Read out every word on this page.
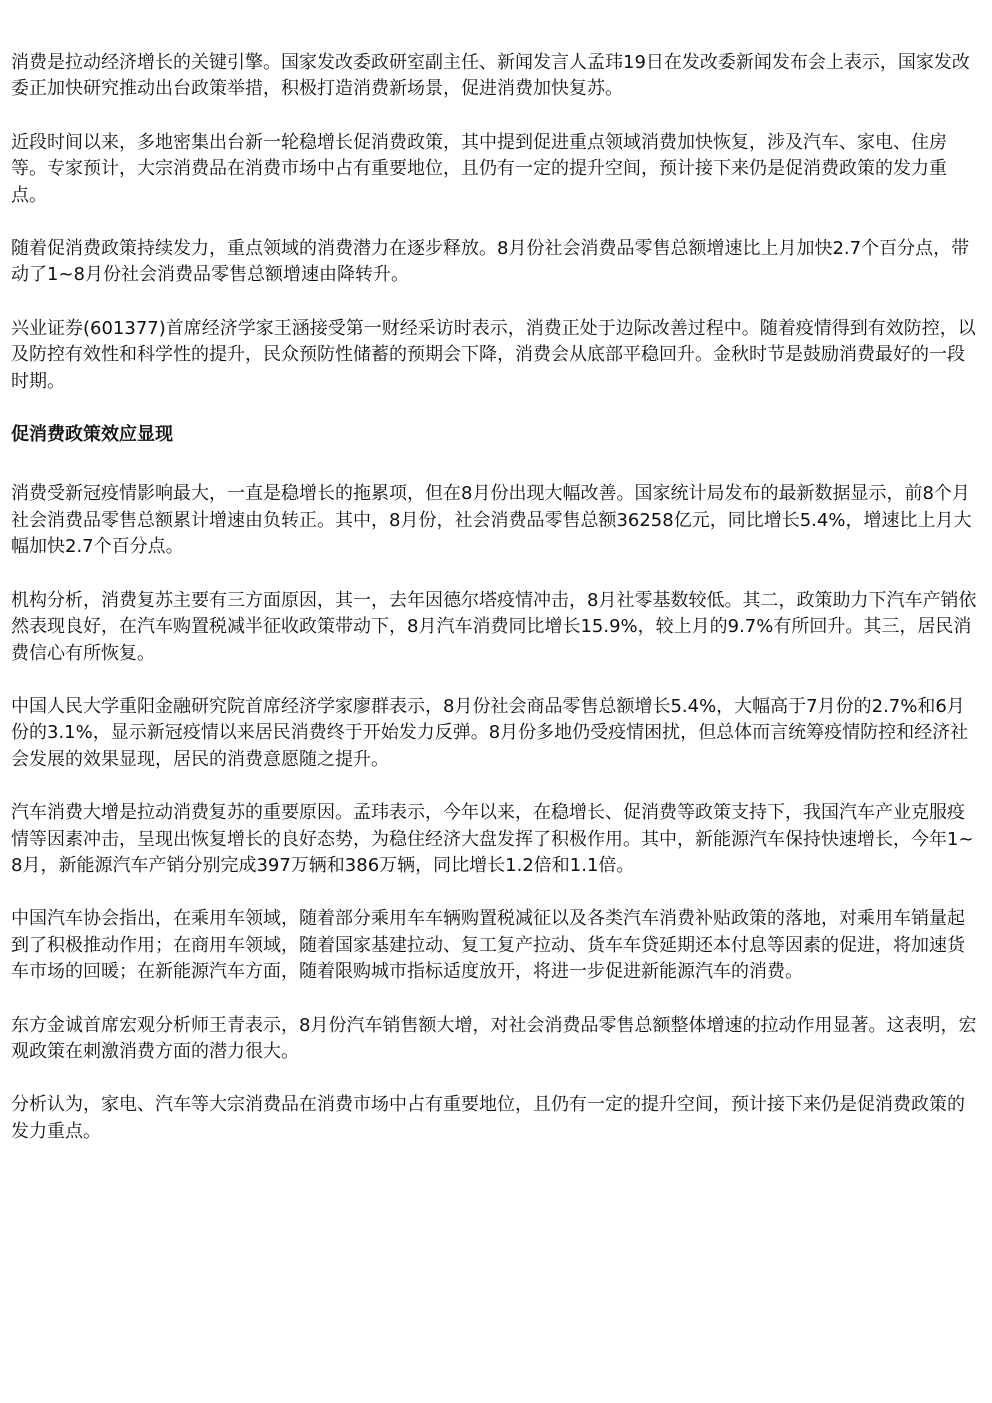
消费是拉动经济增长的关键引擎。国家发改委政研室副主任、新闻发言人孟玮19日在发改委新闻发布会上表示，国家发改委正加快研究推动出台政策举措，积极打造消费新场景，促进消费加快复苏。

近段时间以来，多地密集出台新一轮稳增长促消费政策，其中提到促进重点领域消费加快恢复，涉及汽车、家电、住房等。专家预计，大宗消费品在消费市场中占有重要地位，且仍有一定的提升空间，预计接下来仍是促消费政策的发力重点。

随着促消费政策持续发力，重点领域的消费潜力在逐步释放。8月份社会消费品零售总额增速比上月加快2.7个百分点，带动了1~8月份社会消费品零售总额增速由降转升。

兴业证券(601377)首席经济学家王涵接受第一财经采访时表示，消费正处于边际改善过程中。随着疫情得到有效防控，以及防控有效性和科学性的提升，民众预防性储蓄的预期会下降，消费会从底部平稳回升。金秋时节是鼓励消费最好的一段时期。

促消费政策效应显现

消费受新冠疫情影响最大，一直是稳增长的拖累项，但在8月份出现大幅改善。国家统计局发布的最新数据显示，前8个月社会消费品零售总额累计增速由负转正。其中，8月份，社会消费品零售总额36258亿元，同比增长5.4%，增速比上月大幅加快2.7个百分点。

机构分析，消费复苏主要有三方面原因，其一，去年因德尔塔疫情冲击，8月社零基数较低。其二，政策助力下汽车产销依然表现良好，在汽车购置税减半征收政策带动下，8月汽车消费同比增长15.9%，较上月的9.7%有所回升。其三，居民消费信心有所恢复。

中国人民大学重阳金融研究院首席经济学家廖群表示，8月份社会商品零售总额增长5.4%，大幅高于7月份的2.7%和6月份的3.1%，显示新冠疫情以来居民消费终于开始发力反弹。8月份多地仍受疫情困扰，但总体而言统筹疫情防控和经济社会发展的效果显现，居民的消费意愿随之提升。

汽车消费大增是拉动消费复苏的重要原因。孟玮表示，今年以来，在稳增长、促消费等政策支持下，我国汽车产业克服疫情等因素冲击，呈现出恢复增长的良好态势，为稳住经济大盘发挥了积极作用。其中，新能源汽车保持快速增长，今年1~8月，新能源汽车产销分别完成397万辆和386万辆，同比增长1.2倍和1.1倍。

中国汽车协会指出，在乘用车领域，随着部分乘用车车辆购置税减征以及各类汽车消费补贴政策的落地，对乘用车销量起到了积极推动作用；在商用车领域，随着国家基建拉动、复工复产拉动、货车车贷延期还本付息等因素的促进，将加速货车市场的回暖；在新能源汽车方面，随着限购城市指标适度放开，将进一步促进新能源汽车的消费。

东方金诚首席宏观分析师王青表示，8月份汽车销售额大增，对社会消费品零售总额整体增速的拉动作用显著。这表明，宏观政策在刺激消费方面的潜力很大。

分析认为，家电、汽车等大宗消费品在消费市场中占有重要地位，且仍有一定的提升空间，预计接下来仍是促消费政策的发力重点。
